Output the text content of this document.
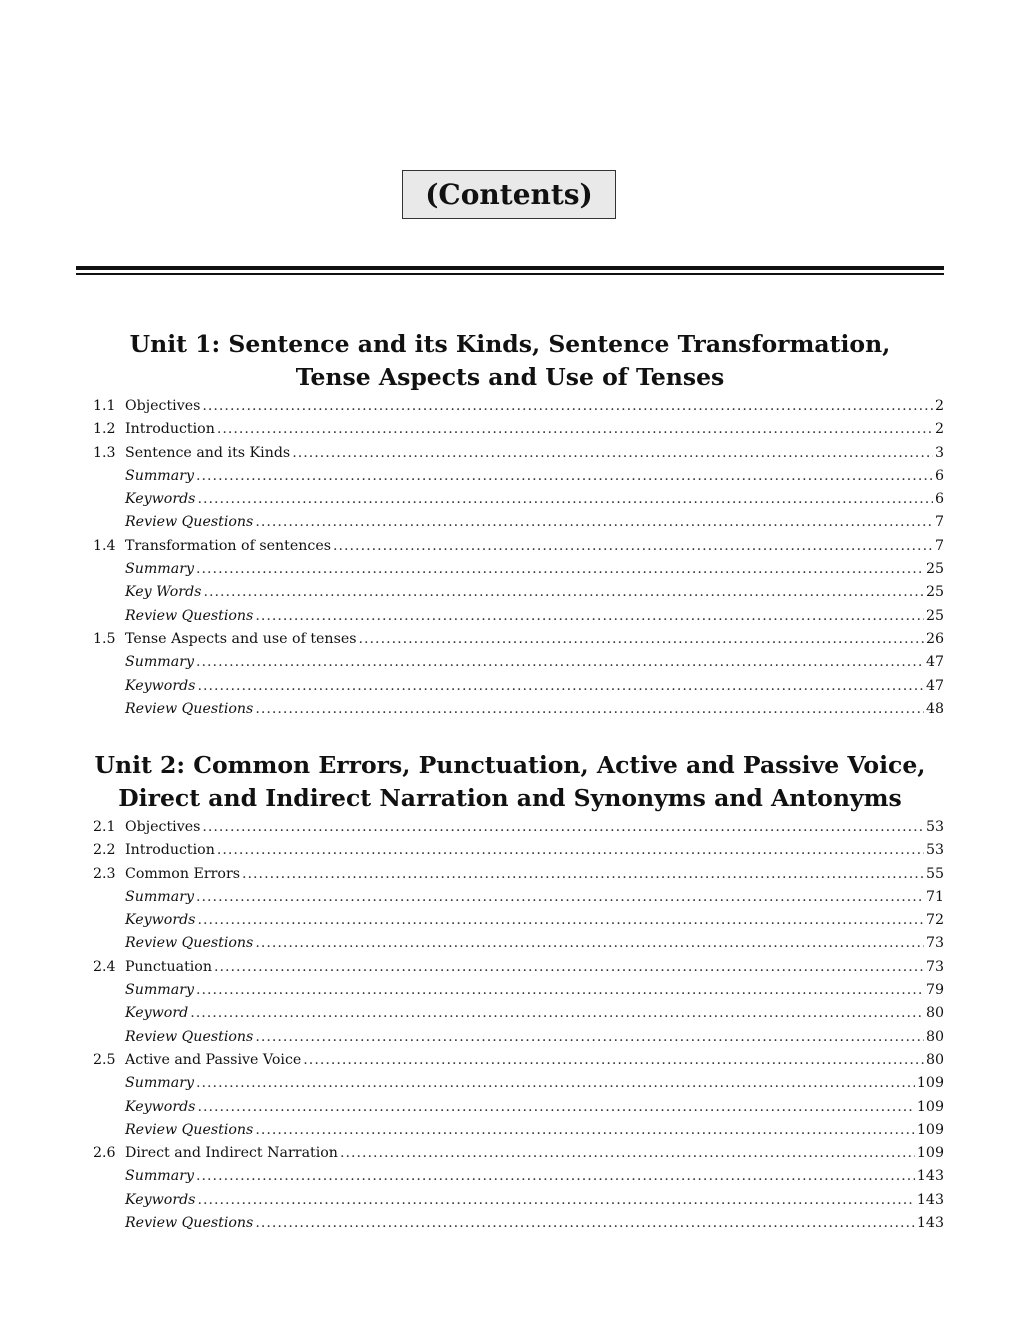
(Contents)
Unit 1: Sentence and its Kinds, Sentence Transformation,
Tense Aspects and Use of Tenses
1.1 Objectives .....	2
1.2 Introduction .....	2
1.3 Sentence and its Kinds .....	3
Summary .....	6
Keywords .....	6
Review Questions .....	7
1.4 Transformation of sentences .....	7
Summary .....	25
Key Words .....	25
Review Questions .....	25
1.5 Tense Aspects and use of tenses .....	26
Summary .....	47
Keywords .....	47
Review Questions .....	48
Unit 2: Common Errors, Punctuation, Active and Passive Voice,
Direct and Indirect Narration and Synonyms and Antonyms
2.1 Objectives .....	53
2.2 Introduction .....	53
2.3 Common Errors .....	55
Summary .....	71
Keywords .....	72
Review Questions .....	73
2.4 Punctuation .....	73
Summary .....	79
Keyword .....	80
Review Questions .....	80
2.5 Active and Passive Voice .....	80
Summary .....	109
Keywords .....	109
Review Questions .....	109
2.6 Direct and Indirect Narration .....	109
Summary .....	143
Keywords .....	143
Review Questions .....	143
